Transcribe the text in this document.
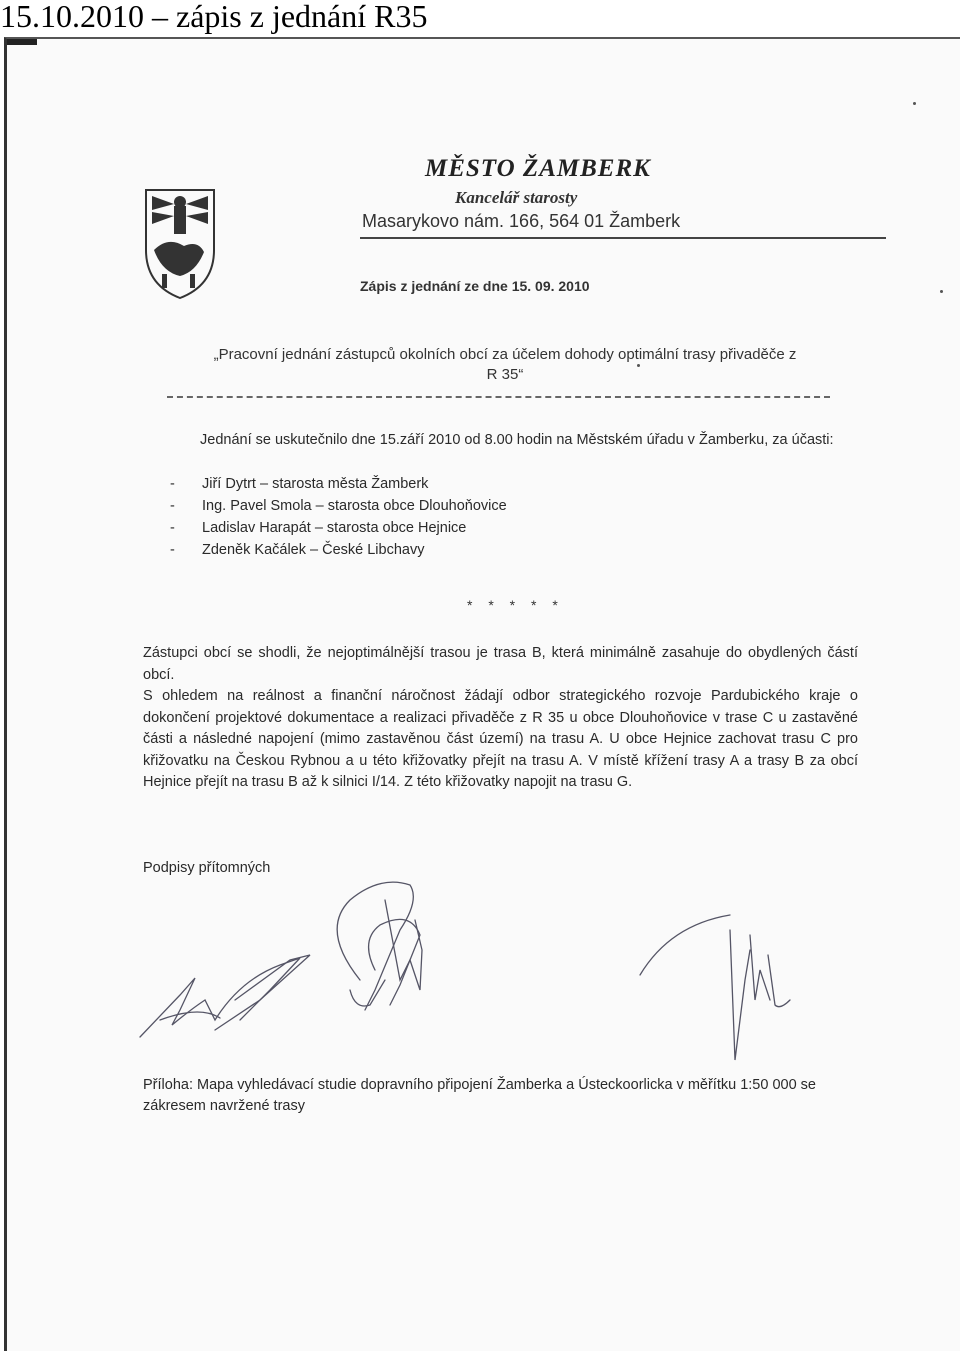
15.10.2010 – zápis z jednání R35
MĚSTO ŽAMBERK
Kancelář starosty
Masarykovo nám. 166, 564 01 Žamberk
Zápis z jednání ze dne 15. 09. 2010
„Pracovní jednání zástupců okolních obcí za účelem dohody optimální trasy přivaděče z R 35“
Jednání se uskutečnilo dne 15.září 2010 od 8.00 hodin na Městském úřadu v Žamberku, za účasti:
- Jiří Dytrt – starosta města Žamberk
- Ing. Pavel Smola – starosta obce Dlouhoňovice
- Ladislav Harapát – starosta obce Hejnice
- Zdeněk Kačálek – České Libchavy
* * * * *

Zástupci obcí se shodli, že nejoptimálnější trasou je trasa B, která minimálně zasahuje do obydlených částí obcí.

S ohledem na reálnost a finanční náročnost žádají odbor strategického rozvoje Pardubického kraje o dokončení projektové dokumentace a realizaci přivaděče z R 35 u obce Dlouhoňovice v trase C u zastavěné části a následné napojení (mimo zastavěnou část území) na trasu A. U obce Hejnice zachovat trasu C pro křižovatku na Českou Rybnou a u této křižovatky přejít na trasu A. V místě křížení trasy A a trasy B za obcí Hejnice přejít na trasu B až k silnici I/14. Z této křižovatky napojit na trasu G.

Podpisy přítomných
Příloha: Mapa vyhledávací studie dopravního připojení Žamberka a Ústeckoorlicka v měřítku 1:50 000 se zákresem navržené trasy
